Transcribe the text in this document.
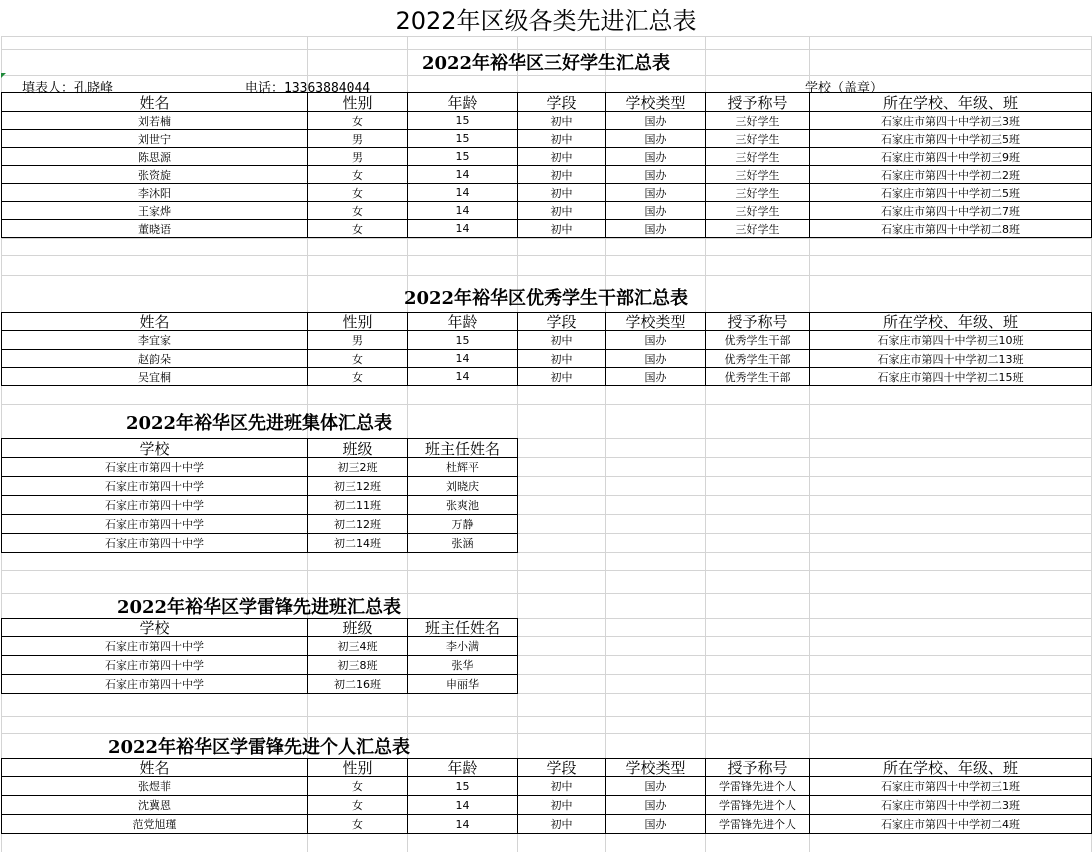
2022年区级各类先进汇总表
2022年裕华区三好学生汇总表
填表人：孔晓峰	电话：13363884044	学校（盖章）
姓名	性别	年龄	学段	学校类型	授予称号	所在学校、年级、班
刘若楠	女	15	初中	国办	三好学生	石家庄市第四十中学初三3班
刘世宁	男	15	初中	国办	三好学生	石家庄市第四十中学初三5班
陈思源	男	15	初中	国办	三好学生	石家庄市第四十中学初三9班
张资旋	女	14	初中	国办	三好学生	石家庄市第四十中学初二2班
李沐阳	女	14	初中	国办	三好学生	石家庄市第四十中学初二5班
王家烨	女	14	初中	国办	三好学生	石家庄市第四十中学初二7班
董晓语	女	14	初中	国办	三好学生	石家庄市第四十中学初二8班
2022年裕华区优秀学生干部汇总表
姓名	性别	年龄	学段	学校类型	授予称号	所在学校、年级、班
李宜家	男	15	初中	国办	优秀学生干部	石家庄市第四十中学初三10班
赵韵朵	女	14	初中	国办	优秀学生干部	石家庄市第四十中学初二13班
吴宜桐	女	14	初中	国办	优秀学生干部	石家庄市第四十中学初二15班
2022年裕华区先进班集体汇总表
学校	班级	班主任姓名
石家庄市第四十中学	初三2班	杜辉平
石家庄市第四十中学	初三12班	刘晓庆
石家庄市第四十中学	初二11班	张爽池
石家庄市第四十中学	初二12班	万静
石家庄市第四十中学	初二14班	张涵
2022年裕华区学雷锋先进班汇总表
学校	班级	班主任姓名
石家庄市第四十中学	初三4班	李小满
石家庄市第四十中学	初三8班	张华
石家庄市第四十中学	初二16班	申丽华
2022年裕华区学雷锋先进个人汇总表
姓名	性别	年龄	学段	学校类型	授予称号	所在学校、年级、班
张煜菲	女	15	初中	国办	学雷锋先进个人	石家庄市第四十中学初三1班
沈冀恩	女	14	初中	国办	学雷锋先进个人	石家庄市第四十中学初二3班
范党旭瑾	女	14	初中	国办	学雷锋先进个人	石家庄市第四十中学初二4班
